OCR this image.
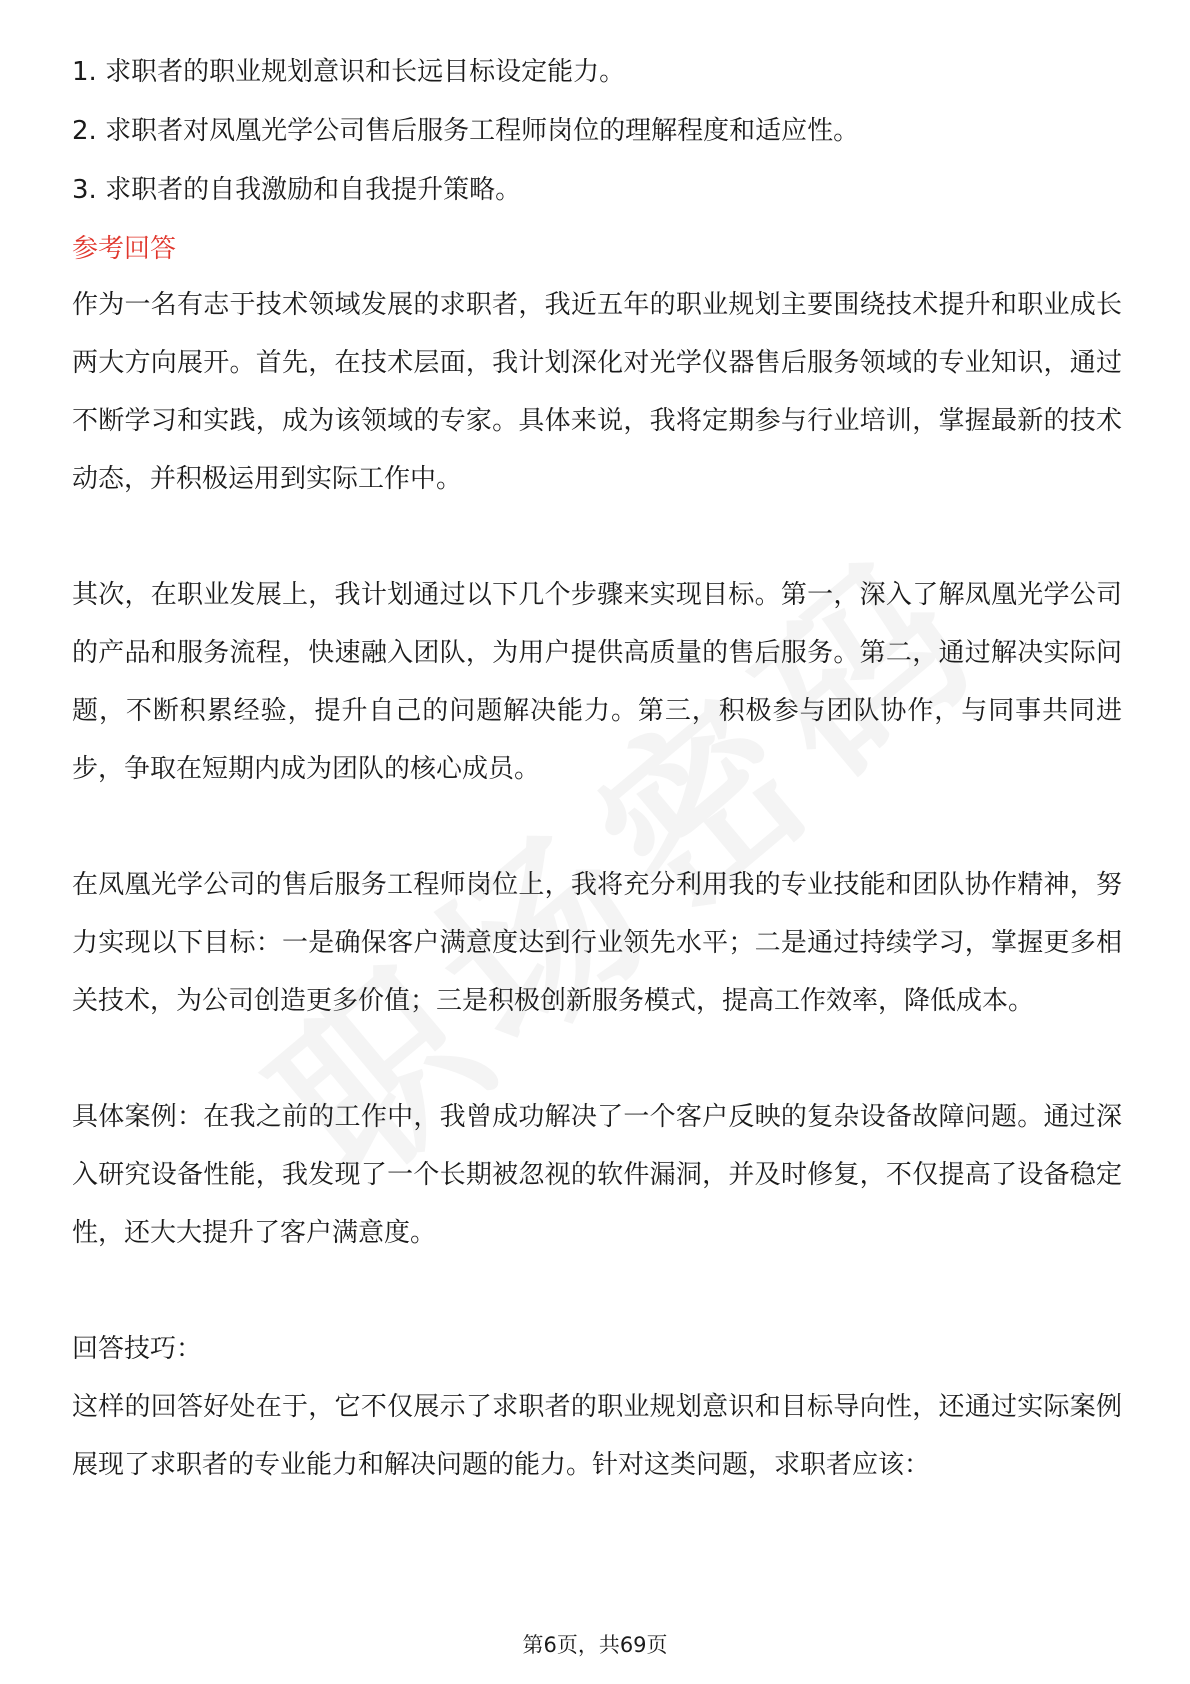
1. 求职者的职业规划意识和长远目标设定能力。
2. 求职者对凤凰光学公司售后服务工程师岗位的理解程度和适应性。
3. 求职者的自我激励和自我提升策略。
参考回答

作为一名有志于技术领域发展的求职者，我近五年的职业规划主要围绕技术提升和职业成长两大方向展开。首先，在技术层面，我计划深化对光学仪器售后服务领域的专业知识，通过不断学习和实践，成为该领域的专家。具体来说，我将定期参与行业培训，掌握最新的技术动态，并积极运用到实际工作中。

其次，在职业发展上，我计划通过以下几个步骤来实现目标。第一，深入了解凤凰光学公司的产品和服务流程，快速融入团队，为用户提供高质量的售后服务。第二，通过解决实际问题，不断积累经验，提升自己的问题解决能力。第三，积极参与团队协作，与同事共同进步，争取在短期内成为团队的核心成员。

在凤凰光学公司的售后服务工程师岗位上，我将充分利用我的专业技能和团队协作精神，努力实现以下目标：一是确保客户满意度达到行业领先水平；二是通过持续学习，掌握更多相关技术，为公司创造更多价值；三是积极创新服务模式，提高工作效率，降低成本。

具体案例：在我之前的工作中，我曾成功解决了一个客户反映的复杂设备故障问题。通过深入研究设备性能，我发现了一个长期被忽视的软件漏洞，并及时修复，不仅提高了设备稳定性，还大大提升了客户满意度。

回答技巧：

这样的回答好处在于，它不仅展示了求职者的职业规划意识和目标导向性，还通过实际案例展现了求职者的专业能力和解决问题的能力。针对这类问题，求职者应该：

第6页，共69页
